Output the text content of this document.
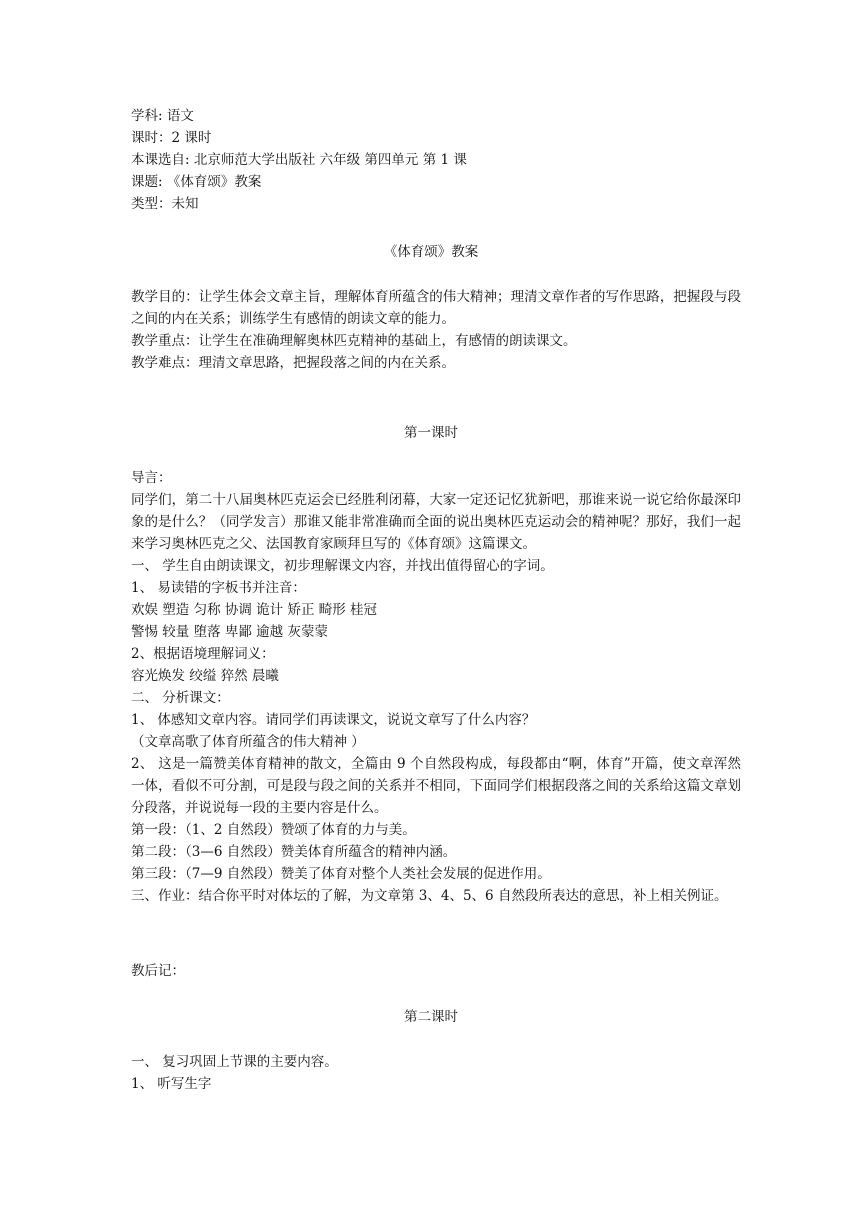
学科: 语文
课时：2 课时
本课选自: 北京师范大学出版社 六年级 第四单元 第 1 课
课题: 《体育颂》教案
类型：未知
《体育颂》教案
教学目的：让学生体会文章主旨，理解体育所蕴含的伟大精神；理清文章作者的写作思路，把握段与段之间的内在关系；训练学生有感情的朗读文章的能力。
教学重点：让学生在准确理解奥林匹克精神的基础上，有感情的朗读课文。
教学难点：理清文章思路，把握段落之间的内在关系。
第一课时
导言：
同学们，第二十八届奥林匹克运会已经胜利闭幕，大家一定还记忆犹新吧，那谁来说一说它给你最深印象的是什么？（同学发言）那谁又能非常准确而全面的说出奥林匹克运动会的精神呢？那好，我们一起来学习奥林匹克之父、法国教育家顾拜旦写的《体育颂》这篇课文。
一、 学生自由朗读课文，初步理解课文内容，并找出值得留心的字词。
1、 易读错的字板书并注音：
欢娱 塑造 匀称 协调 诡计 矫正 畸形 桂冠
警惕 较量 堕落 卑鄙 逾越 灰蒙蒙
2、根据语境理解词义：
容光焕发 绞缢 猝然 晨曦
二、 分析课文：
1、 体感知文章内容。请同学们再读课文，说说文章写了什么内容？
（文章高歌了体育所蕴含的伟大精神 ）
2、 这是一篇赞美体育精神的散文，全篇由 9 个自然段构成，每段都由“啊，体育”开篇，使文章浑然一体，看似不可分割，可是段与段之间的关系并不相同，下面同学们根据段落之间的关系给这篇文章划分段落，并说说每一段的主要内容是什么。
第一段：（1、2 自然段）赞颂了体育的力与美。
第二段：（3—6 自然段）赞美体育所蕴含的精神内涵。
第三段：（7—9 自然段）赞美了体育对整个人类社会发展的促进作用。
三、作业：结合你平时对体坛的了解，为文章第 3、4、5、6 自然段所表达的意思，补上相关例证。
教后记：
第二课时
一、 复习巩固上节课的主要内容。
1、 听写生字
